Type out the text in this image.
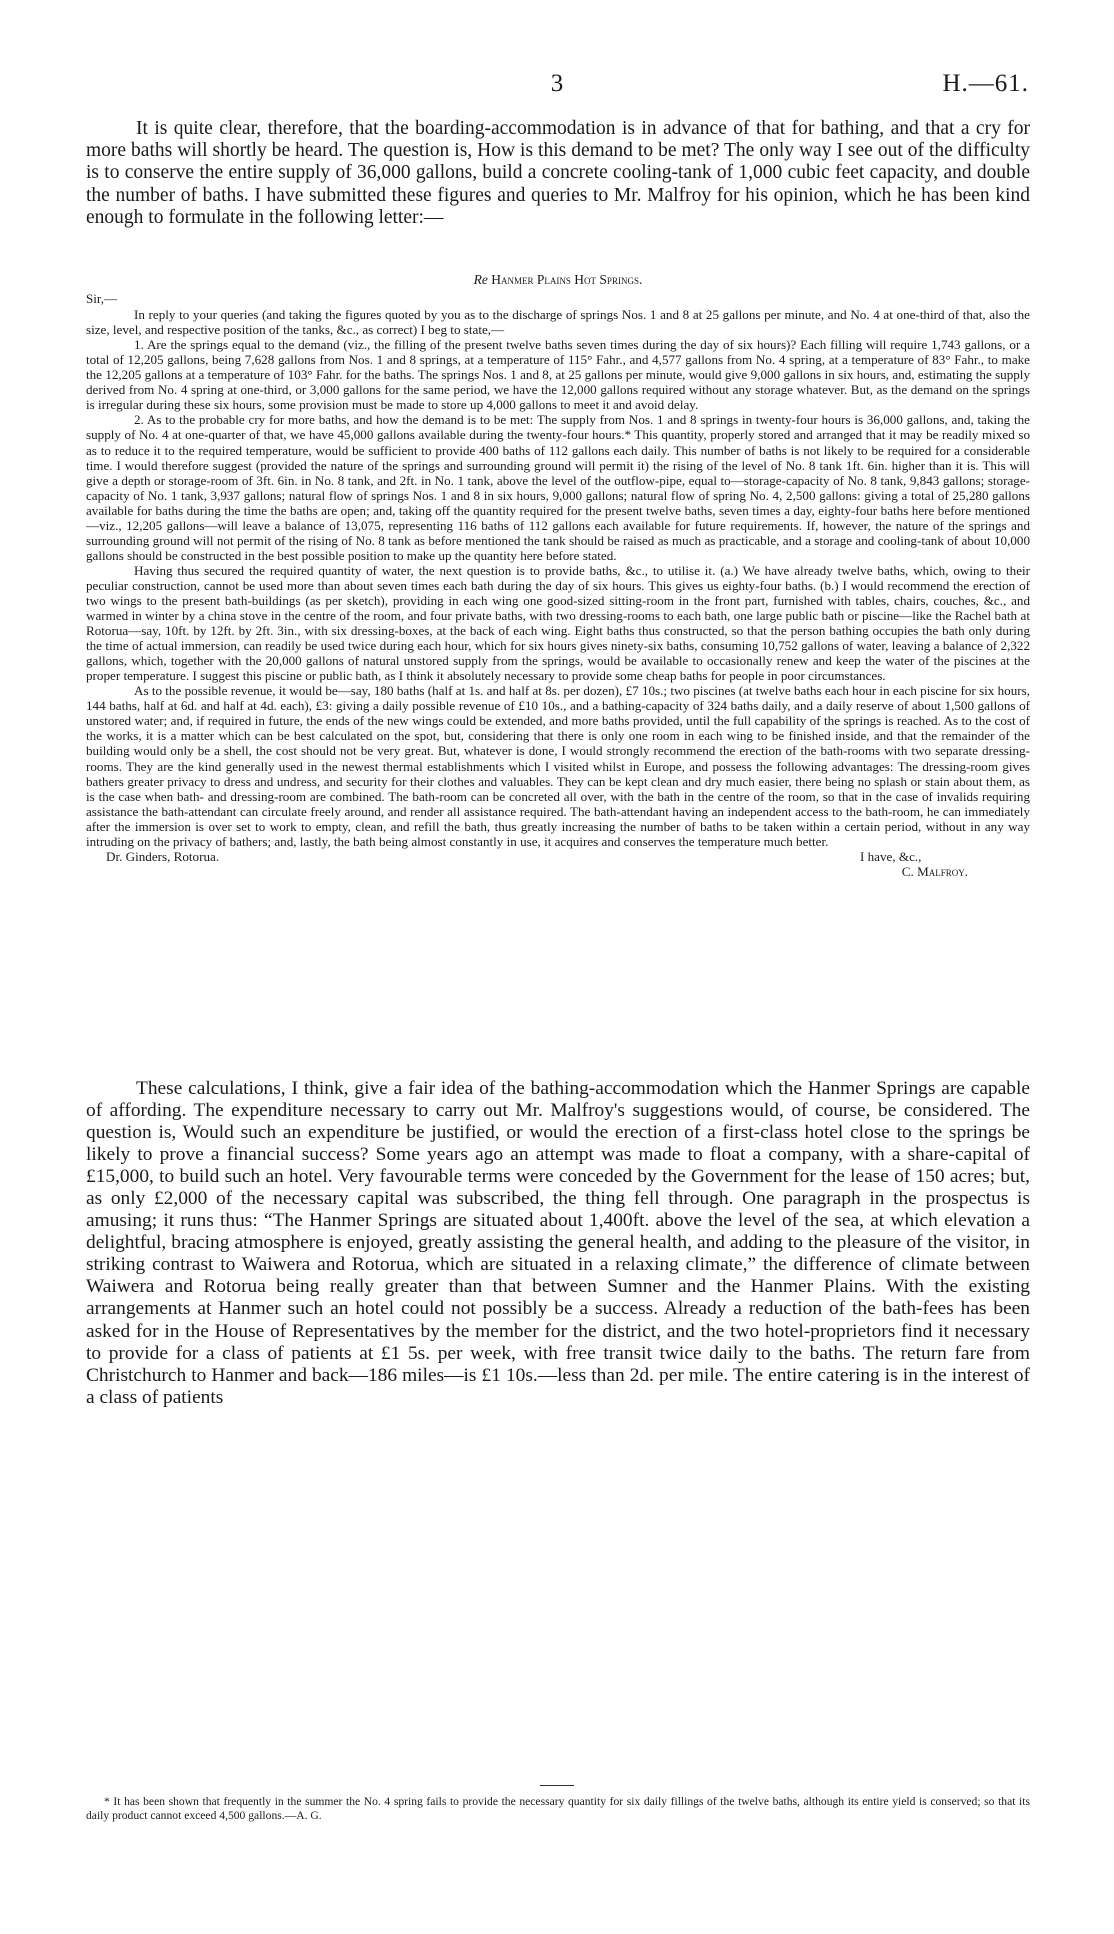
3	H.—61.

It is quite clear, therefore, that the boarding-accommodation is in advance of that for bathing, and that a cry for more baths will shortly be heard. The question is, How is this demand to be met? The only way I see out of the difficulty is to conserve the entire supply of 36,000 gallons, build a concrete cooling-tank of 1,000 cubic feet capacity, and double the number of baths. I have submitted these figures and queries to Mr. Malfroy for his opinion, which he has been kind enough to formulate in the following letter:—

Re Hanmer Plains Hot Springs.

Sir,—

In reply to your queries (and taking the figures quoted by you as to the discharge of springs Nos. 1 and 8 at 25 gallons per minute, and No. 4 at one-third of that, also the size, level, and respective position of the tanks, &c., as correct) I beg to state,—

1. Are the springs equal to the demand (viz., the filling of the present twelve baths seven times during the day of six hours)? Each filling will require 1,743 gallons, or a total of 12,205 gallons, being 7,628 gallons from Nos. 1 and 8 springs, at a temperature of 115° Fahr., and 4,577 gallons from No. 4 spring, at a temperature of 83° Fahr., to make the 12,205 gallons at a temperature of 103° Fahr. for the baths. The springs Nos. 1 and 8, at 25 gallons per minute, would give 9,000 gallons in six hours, and, estimating the supply derived from No. 4 spring at one-third, or 3,000 gallons for the same period, we have the 12,000 gallons required without any storage whatever. But, as the demand on the springs is irregular during these six hours, some provision must be made to store up 4,000 gallons to meet it and avoid delay.

2. As to the probable cry for more baths, and how the demand is to be met: The supply from Nos. 1 and 8 springs in twenty-four hours is 36,000 gallons, and, taking the supply of No. 4 at one-quarter of that, we have 45,000 gallons available during the twenty-four hours.* This quantity, properly stored and arranged that it may be readily mixed so as to reduce it to the required temperature, would be sufficient to provide 400 baths of 112 gallons each daily. This number of baths is not likely to be required for a considerable time. I would therefore suggest (provided the nature of the springs and surrounding ground will permit it) the rising of the level of No. 8 tank 1ft. 6in. higher than it is. This will give a depth or storage-room of 3ft. 6in. in No. 8 tank, and 2ft. in No. 1 tank, above the level of the outflow-pipe, equal to—storage-capacity of No. 8 tank, 9,843 gallons; storage-capacity of No. 1 tank, 3,937 gallons; natural flow of springs Nos. 1 and 8 in six hours, 9,000 gallons; natural flow of spring No. 4, 2,500 gallons: giving a total of 25,280 gallons available for baths during the time the baths are open; and, taking off the quantity required for the present twelve baths, seven times a day, eighty-four baths here before mentioned—viz., 12,205 gallons—will leave a balance of 13,075, representing 116 baths of 112 gallons each available for future requirements. If, however, the nature of the springs and surrounding ground will not permit of the rising of No. 8 tank as before mentioned the tank should be raised as much as practicable, and a storage and cooling-tank of about 10,000 gallons should be constructed in the best possible position to make up the quantity here before stated.

Having thus secured the required quantity of water, the next question is to provide baths, &c., to utilise it. (a.) We have already twelve baths, which, owing to their peculiar construction, cannot be used more than about seven times each bath during the day of six hours. This gives us eighty-four baths. (b.) I would recommend the erection of two wings to the present bath-buildings (as per sketch), providing in each wing one good-sized sitting-room in the front part, furnished with tables, chairs, couches, &c., and warmed in winter by a china stove in the centre of the room, and four private baths, with two dressing-rooms to each bath, one large public bath or piscine—like the Rachel bath at Rotorua—say, 10ft. by 12ft. by 2ft. 3in., with six dressing-boxes, at the back of each wing. Eight baths thus constructed, so that the person bathing occupies the bath only during the time of actual immersion, can readily be used twice during each hour, which for six hours gives ninety-six baths, consuming 10,752 gallons of water, leaving a balance of 2,322 gallons, which, together with the 20,000 gallons of natural unstored supply from the springs, would be available to occasionally renew and keep the water of the piscines at the proper temperature. I suggest this piscine or public bath, as I think it absolutely necessary to provide some cheap baths for people in poor circumstances.

As to the possible revenue, it would be—say, 180 baths (half at 1s. and half at 8s. per dozen), £7 10s.; two piscines (at twelve baths each hour in each piscine for six hours, 144 baths, half at 6d. and half at 4d. each), £3: giving a daily possible revenue of £10 10s., and a bathing-capacity of 324 baths daily, and a daily reserve of about 1,500 gallons of unstored water; and, if required in future, the ends of the new wings could be extended, and more baths provided, until the full capability of the springs is reached. As to the cost of the works, it is a matter which can be best calculated on the spot, but, considering that there is only one room in each wing to be finished inside, and that the remainder of the building would only be a shell, the cost should not be very great. But, whatever is done, I would strongly recommend the erection of the bath-rooms with two separate dressing-rooms. They are the kind generally used in the newest thermal establishments which I visited whilst in Europe, and possess the following advantages: The dressing-room gives bathers greater privacy to dress and undress, and security for their clothes and valuables. They can be kept clean and dry much easier, there being no splash or stain about them, as is the case when bath- and dressing-room are combined. The bath-room can be concreted all over, with the bath in the centre of the room, so that in the case of invalids requiring assistance the bath-attendant can circulate freely around, and render all assistance required. The bath-attendant having an independent access to the bath-room, he can immediately after the immersion is over set to work to empty, clean, and refill the bath, thus greatly increasing the number of baths to be taken within a certain period, without in any way intruding on the privacy of bathers; and, lastly, the bath being almost constantly in use, it acquires and conserves the temperature much better.

Dr. Ginders, Rotorua.	I have, &c.,

C. Malfroy.

These calculations, I think, give a fair idea of the bathing-accommodation which the Hanmer Springs are capable of affording. The expenditure necessary to carry out Mr. Malfroy's suggestions would, of course, be considered. The question is, Would such an expenditure be justified, or would the erection of a first-class hotel close to the springs be likely to prove a financial success? Some years ago an attempt was made to float a company, with a share-capital of £15,000, to build such an hotel. Very favourable terms were conceded by the Government for the lease of 150 acres; but, as only £2,000 of the necessary capital was subscribed, the thing fell through. One paragraph in the prospectus is amusing; it runs thus: “The Hanmer Springs are situated about 1,400ft. above the level of the sea, at which elevation a delightful, bracing atmosphere is enjoyed, greatly assisting the general health, and adding to the pleasure of the visitor, in striking contrast to Waiwera and Rotorua, which are situated in a relaxing climate,” the difference of climate between Waiwera and Rotorua being really greater than that between Sumner and the Hanmer Plains. With the existing arrangements at Hanmer such an hotel could not possibly be a success. Already a reduction of the bath-fees has been asked for in the House of Representatives by the member for the district, and the two hotel-proprietors find it necessary to provide for a class of patients at £1 5s. per week, with free transit twice daily to the baths. The return fare from Christchurch to Hanmer and back—186 miles—is £1 10s.—less than 2d. per mile. The entire catering is in the interest of a class of patients

* It has been shown that frequently in the summer the No. 4 spring fails to provide the necessary quantity for six daily fillings of the twelve baths, although its entire yield is conserved; so that its daily product cannot exceed 4,500 gallons.—A. G.
